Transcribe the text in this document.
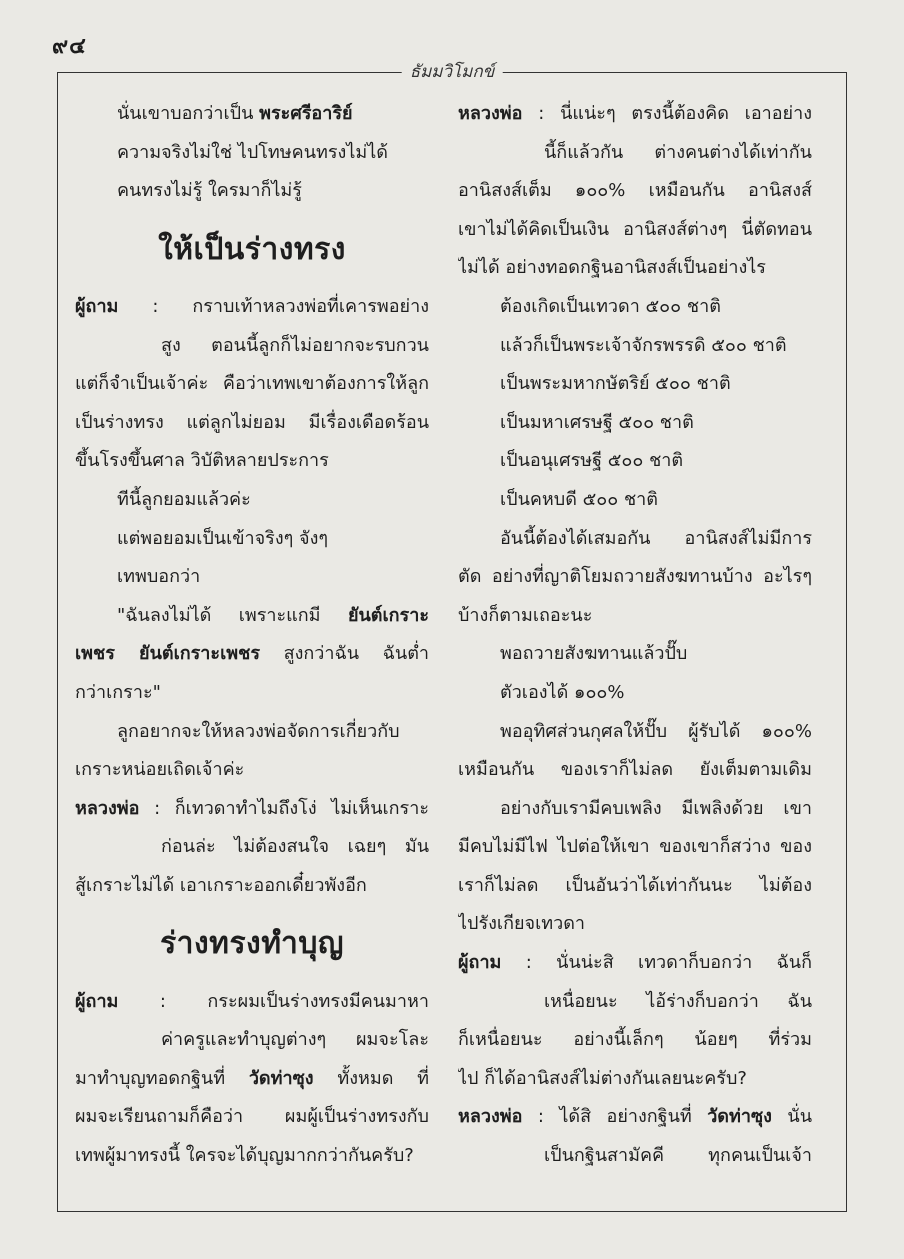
๙๔
ธัมมวิโมกข์
นั่นเขาบอกว่าเป็น พระศรีอาริย์
ความจริงไม่ใช่ ไปโทษคนทรงไม่ได้
คนทรงไม่รู้ ใครมาก็ไม่รู้
ให้เป็นร่างทรง
ผู้ถาม : กราบเท้าหลวงพ่อที่เคารพอย่าง
สูง ตอนนี้ลูกก็ไม่อยากจะรบกวน
แต่ก็จำเป็นเจ้าค่ะ คือว่าเทพเขาต้องการให้ลูก
เป็นร่างทรง แต่ลูกไม่ยอม มีเรื่องเดือดร้อน
ขึ้นโรงขึ้นศาล วิบัติหลายประการ
ทีนี้ลูกยอมแล้วค่ะ
แต่พอยอมเป็นเข้าจริงๆ จังๆ
เทพบอกว่า
"ฉันลงไม่ได้ เพราะแกมี ยันต์เกราะ
เพชร ยันต์เกราะเพชร สูงกว่าฉัน ฉันต่ำ
กว่าเกราะ"
ลูกอยากจะให้หลวงพ่อจัดการเกี่ยวกับ
เกราะหน่อยเถิดเจ้าค่ะ
หลวงพ่อ : ก็เทวดาทำไมถึงโง่ ไม่เห็นเกราะ
ก่อนล่ะ ไม่ต้องสนใจ เฉยๆ มัน
สู้เกราะไม่ได้ เอาเกราะออกเดี๋ยวพังอีก
ร่างทรงทำบุญ
ผู้ถาม : กระผมเป็นร่างทรงมีคนมาหา
ค่าครูและทำบุญต่างๆ ผมจะโละ
มาทำบุญทอดกฐินที่ วัดท่าซุง ทั้งหมด ที่
ผมจะเรียนถามก็คือว่า ผมผู้เป็นร่างทรงกับ
เทพผู้มาทรงนี้ ใครจะได้บุญมากกว่ากันครับ?
หลวงพ่อ : นี่แน่ะๆ ตรงนี้ต้องคิด เอาอย่าง
นี้ก็แล้วกัน ต่างคนต่างได้เท่ากัน
อานิสงส์เต็ม ๑๐๐% เหมือนกัน อานิสงส์
เขาไม่ได้คิดเป็นเงิน อานิสงส์ต่างๆ นี่ตัดทอน
ไม่ได้ อย่างทอดกฐินอานิสงส์เป็นอย่างไร
ต้องเกิดเป็นเทวดา ๕๐๐ ชาติ
แล้วก็เป็นพระเจ้าจักรพรรดิ ๕๐๐ ชาติ
เป็นพระมหากษัตริย์ ๕๐๐ ชาติ
เป็นมหาเศรษฐี ๕๐๐ ชาติ
เป็นอนุเศรษฐี ๕๐๐ ชาติ
เป็นคหบดี ๕๐๐ ชาติ
อันนี้ต้องได้เสมอกัน อานิสงส์ไม่มีการ
ตัด อย่างที่ญาติโยมถวายสังฆทานบ้าง อะไรๆ
บ้างก็ตามเถอะนะ
พอถวายสังฆทานแล้วปั๊บ
ตัวเองได้ ๑๐๐%
พออุทิศส่วนกุศลให้ปั๊บ ผู้รับได้ ๑๐๐%
เหมือนกัน ของเราก็ไม่ลด ยังเต็มตามเดิม
อย่างกับเรามีคบเพลิง มีเพลิงด้วย เขา
มีคบไม่มีไฟ ไปต่อให้เขา ของเขาก็สว่าง ของ
เราก็ไม่ลด เป็นอันว่าได้เท่ากันนะ ไม่ต้อง
ไปรังเกียจเทวดา
ผู้ถาม : นั่นน่ะสิ เทวดาก็บอกว่า ฉันก็
เหนื่อยนะ ไอ้ร่างก็บอกว่า ฉัน
ก็เหนื่อยนะ อย่างนี้เล็กๆ น้อยๆ ที่ร่วม
ไป ก็ได้อานิสงส์ไม่ต่างกันเลยนะครับ?
หลวงพ่อ : ได้สิ อย่างกฐินที่ วัดท่าซุง นั่น
เป็นกฐินสามัคคี ทุกคนเป็นเจ้า
